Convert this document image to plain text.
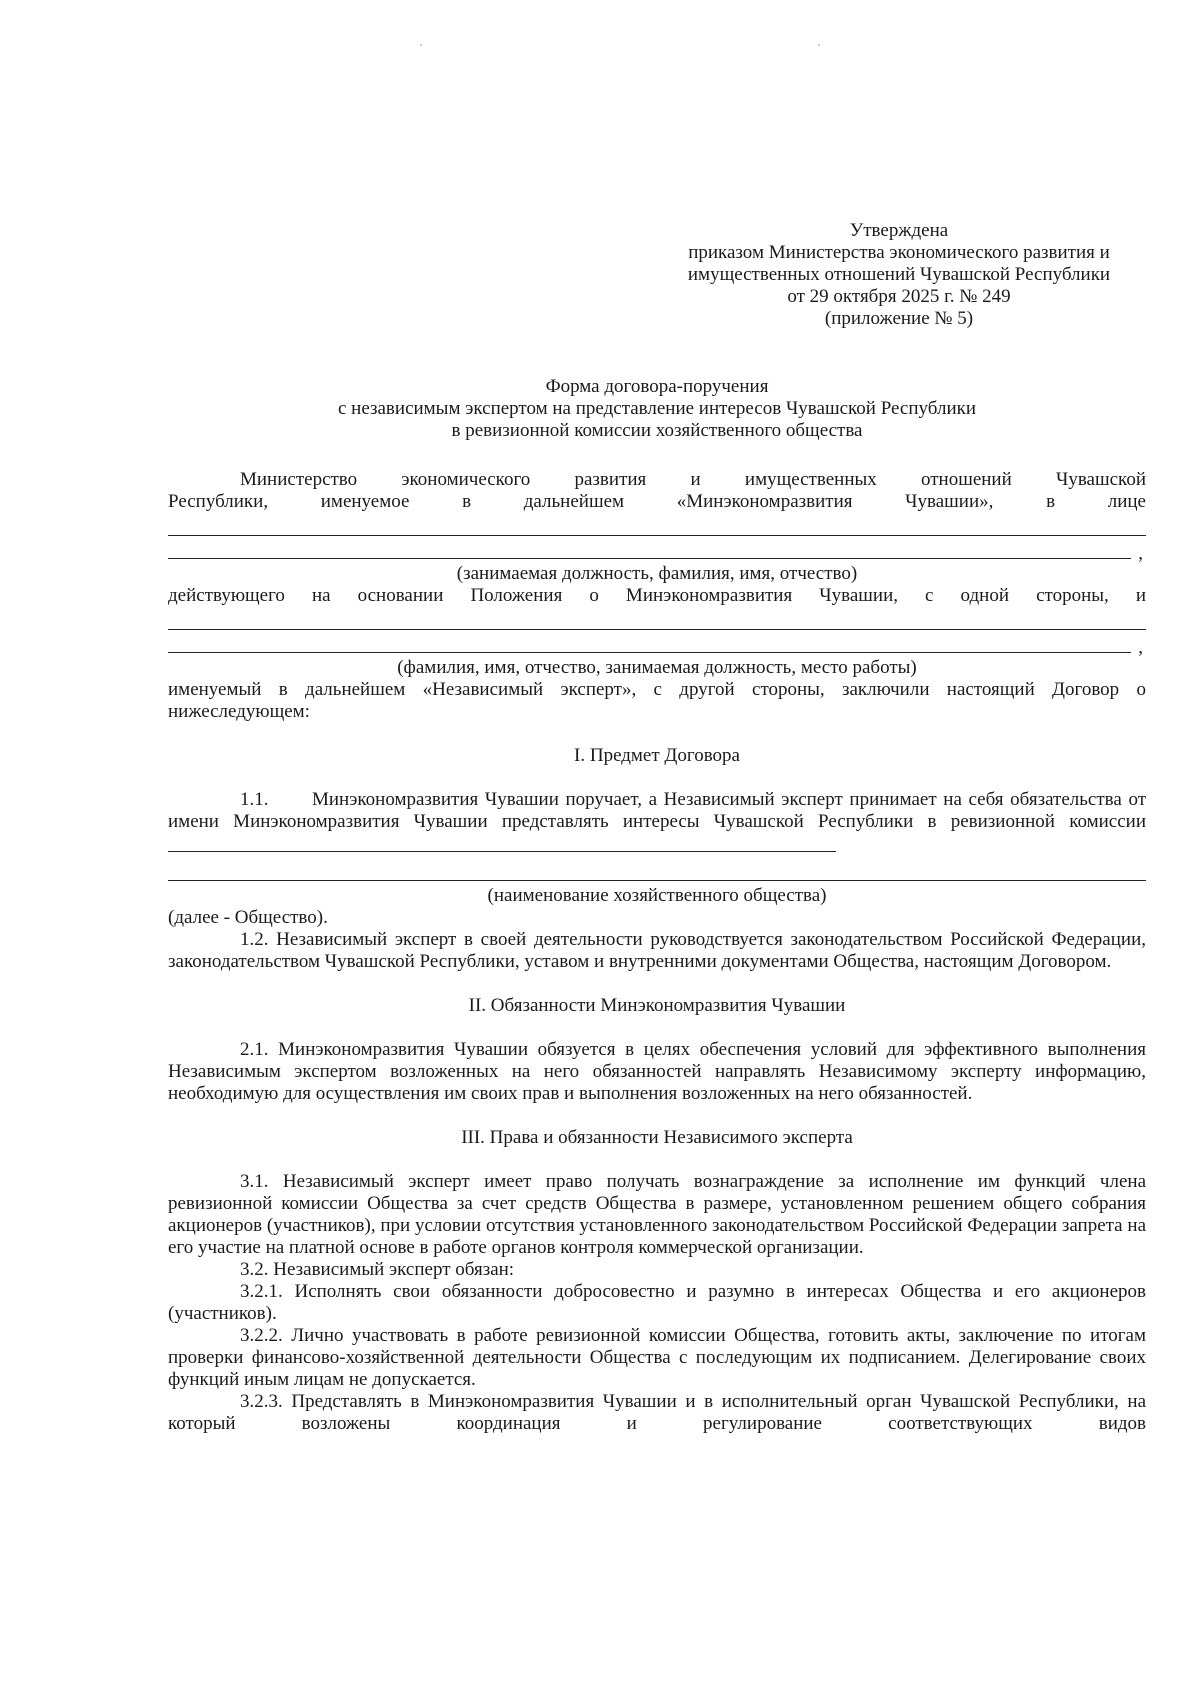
Утверждена
приказом Министерства экономического развития и
имущественных отношений Чувашской Республики
от 29 октября 2025 г. № 249
(приложение № 5)
Форма договора-поручения
с независимым экспертом на представление интересов Чувашской Республики
в ревизионной комиссии хозяйственного общества

Министерство экономического развития и имущественных отношений Чувашской

Республики, именуемое в дальнейшем «Минэкономразвития Чувашии», в лице

,

(занимаемая должность, фамилия, имя, отчество)

действующего на основании Положения о Минэкономразвития Чувашии, с одной стороны, и

,

(фамилия, имя, отчество, занимаемая должность, место работы)

именуемый в дальнейшем «Независимый эксперт», с другой стороны, заключили настоящий Договор о нижеследующем:

I. Предмет Договора

1.1. Минэкономразвития Чувашии поручает, а Независимый эксперт принимает на себя обязательства от имени Минэкономразвития Чувашии представлять интересы Чувашской Республики в ревизионной комиссии

(наименование хозяйственного общества)

(далее - Общество).

1.2. Независимый эксперт в своей деятельности руководствуется законодательством Российской Федерации, законодательством Чувашской Республики, уставом и внутренними документами Общества, настоящим Договором.

II. Обязанности Минэкономразвития Чувашии

2.1. Минэкономразвития Чувашии обязуется в целях обеспечения условий для эффективного выполнения Независимым экспертом возложенных на него обязанностей направлять Независимому эксперту информацию, необходимую для осуществления им своих прав и выполнения возложенных на него обязанностей.

III. Права и обязанности Независимого эксперта

3.1. Независимый эксперт имеет право получать вознаграждение за исполнение им функций члена ревизионной комиссии Общества за счет средств Общества в размере, установленном решением общего собрания акционеров (участников), при условии отсутствия установленного законодательством Российской Федерации запрета на его участие на платной основе в работе органов контроля коммерческой организации.

3.2. Независимый эксперт обязан:

3.2.1. Исполнять свои обязанности добросовестно и разумно в интересах Общества и его акционеров (участников).

3.2.2. Лично участвовать в работе ревизионной комиссии Общества, готовить акты, заключение по итогам проверки финансово-хозяйственной деятельности Общества с последующим их подписанием. Делегирование своих функций иным лицам не допускается.

3.2.3. Представлять в Минэкономразвития Чувашии и в исполнительный орган Чувашской Республики, на который возложены координация и регулирование соответствующих видов
